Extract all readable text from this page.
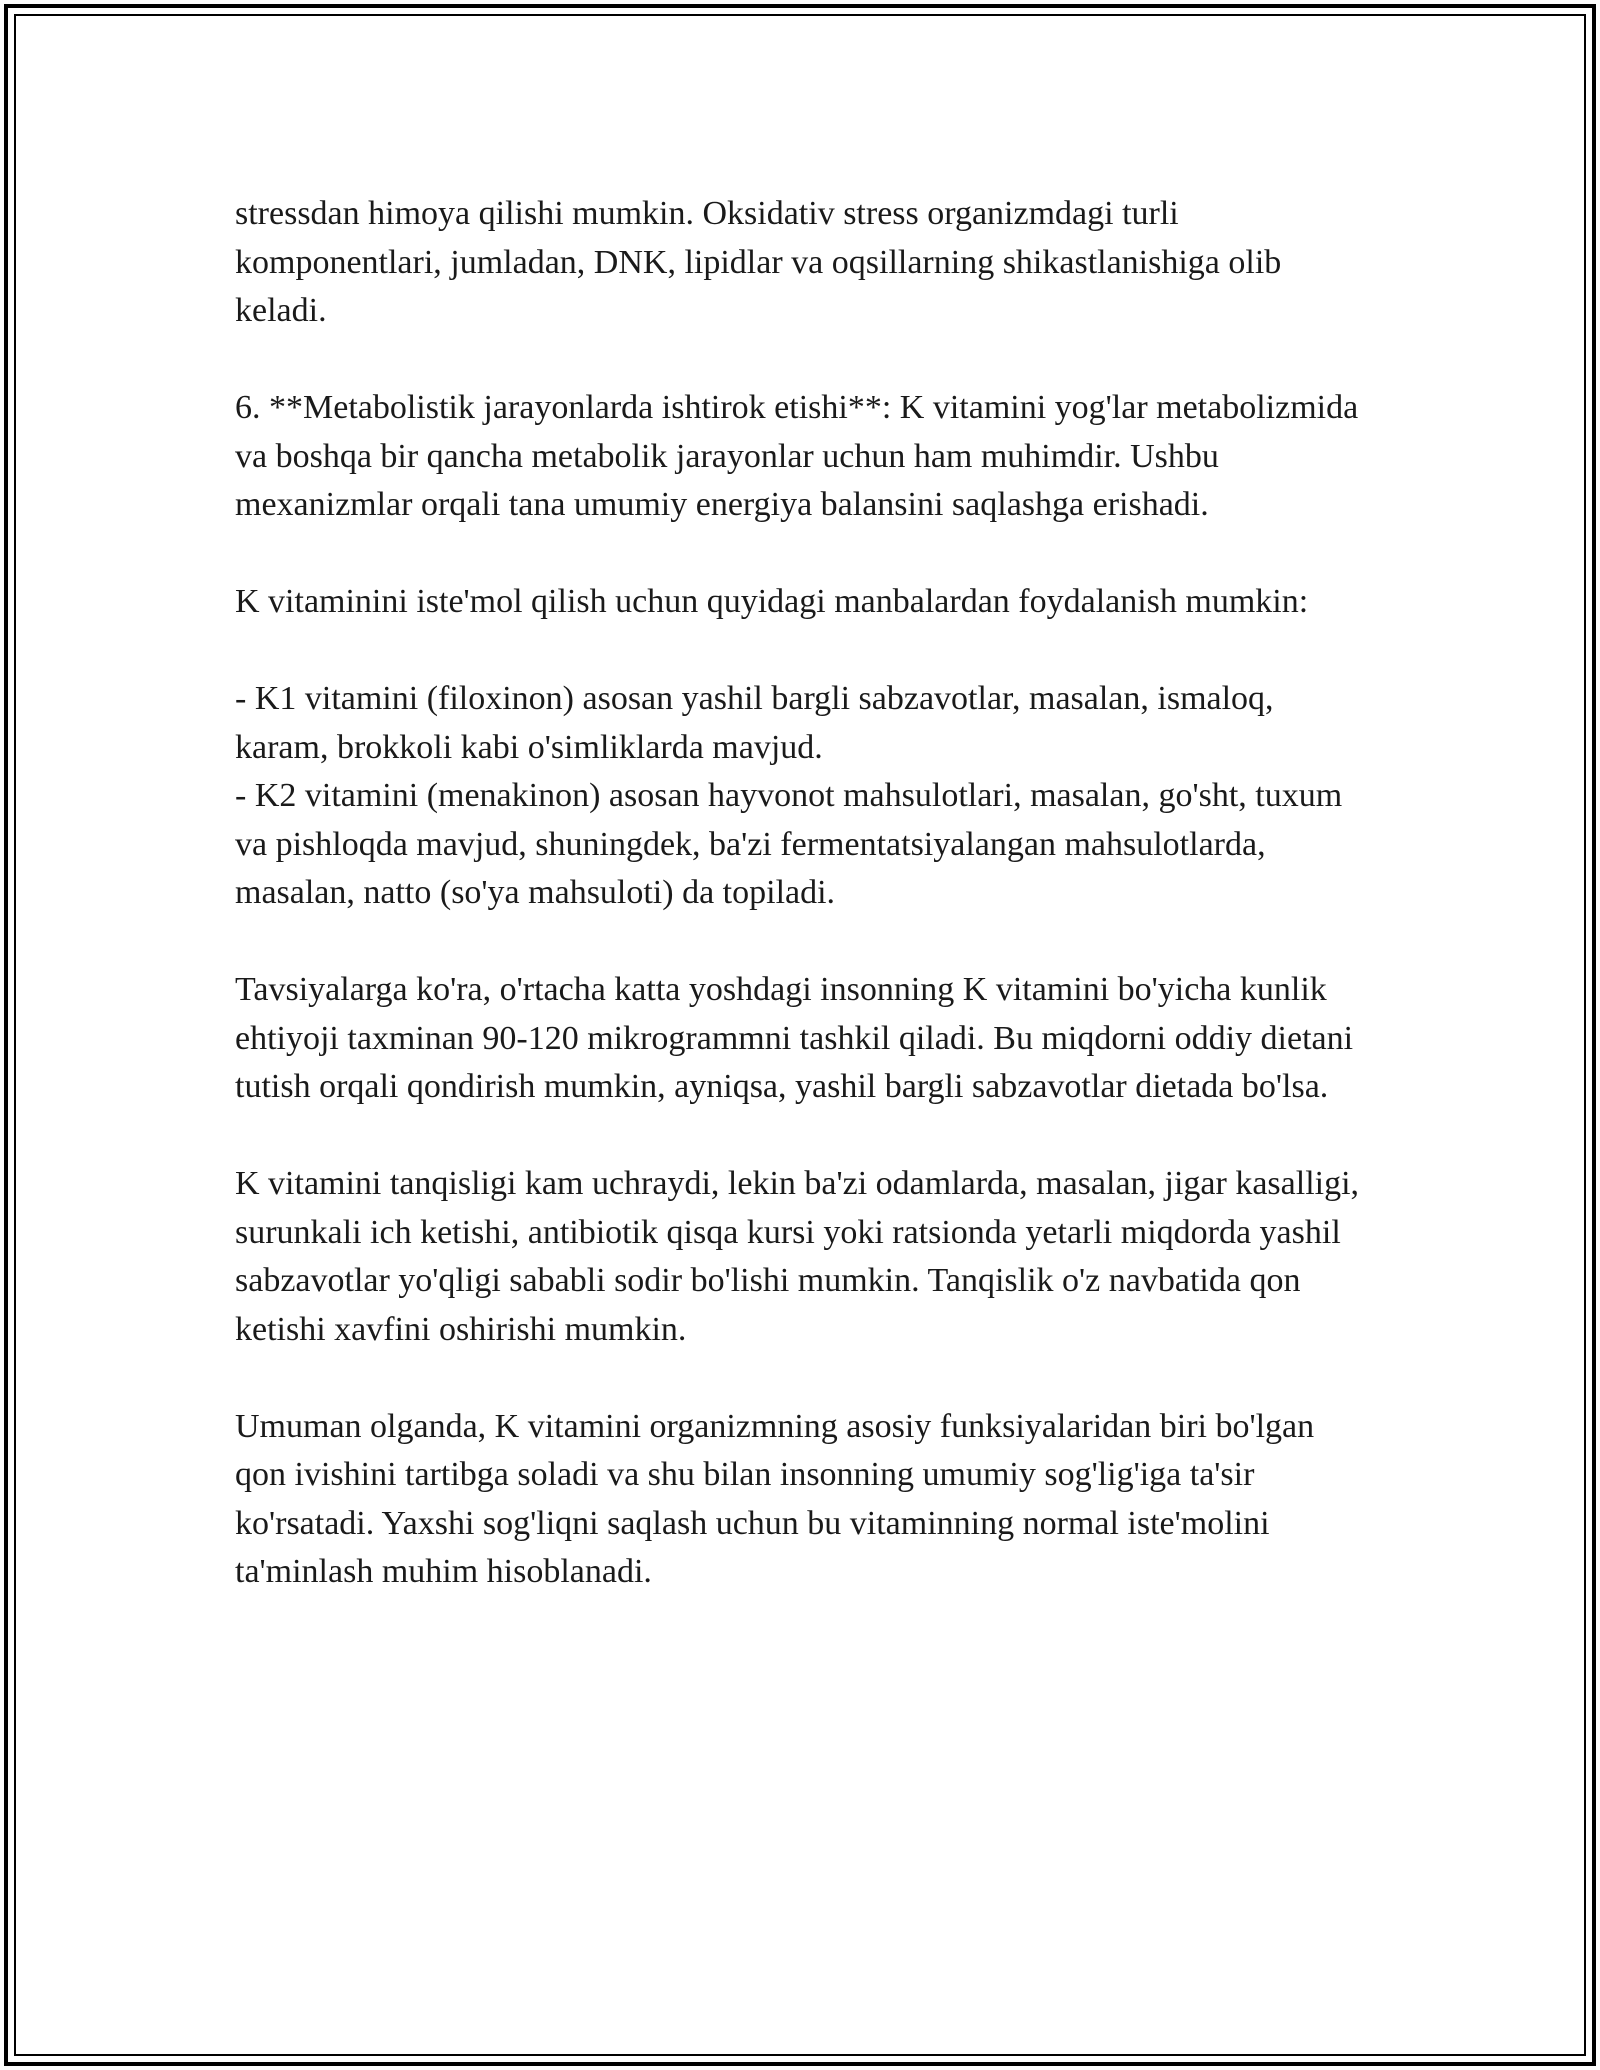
stressdan himoya qilishi mumkin. Oksidativ stress organizmdagi turli komponentlari, jumladan, DNK, lipidlar va oqsillarning shikastlanishiga olib keladi.

6. **Metabolistik jarayonlarda ishtirok etishi**: K vitamini yog'lar metabolizmida va boshqa bir qancha metabolik jarayonlar uchun ham muhimdir. Ushbu mexanizmlar orqali tana umumiy energiya balansini saqlashga erishadi.

K vitaminini iste'mol qilish uchun quyidagi manbalardan foydalanish mumkin:

- K1 vitamini (filoxinon) asosan yashil bargli sabzavotlar, masalan, ismaloq, karam, brokkoli kabi o'simliklarda mavjud.

- K2 vitamini (menakinon) asosan hayvonot mahsulotlari, masalan, go'sht, tuxum va pishloqda mavjud, shuningdek, ba'zi fermentatsiyalangan mahsulotlarda, masalan, natto (so'ya mahsuloti) da topiladi.

Tavsiyalarga ko'ra, o'rtacha katta yoshdagi insonning K vitamini bo'yicha kunlik ehtiyoji taxminan 90-120 mikrogrammni tashkil qiladi. Bu miqdorni oddiy dietani tutish orqali qondirish mumkin, ayniqsa, yashil bargli sabzavotlar dietada bo'lsa.

K vitamini tanqisligi kam uchraydi, lekin ba'zi odamlarda, masalan, jigar kasalligi, surunkali ich ketishi, antibiotik qisqa kursi yoki ratsionda yetarli miqdorda yashil sabzavotlar yo'qligi sababli sodir bo'lishi mumkin. Tanqislik o'z navbatida qon ketishi xavfini oshirishi mumkin.

Umuman olganda, K vitamini organizmning asosiy funksiyalaridan biri bo'lgan qon ivishini tartibga soladi va shu bilan insonning umumiy sog'lig'iga ta'sir ko'rsatadi. Yaxshi sog'liqni saqlash uchun bu vitaminning normal iste'molini ta'minlash muhim hisoblanadi.
